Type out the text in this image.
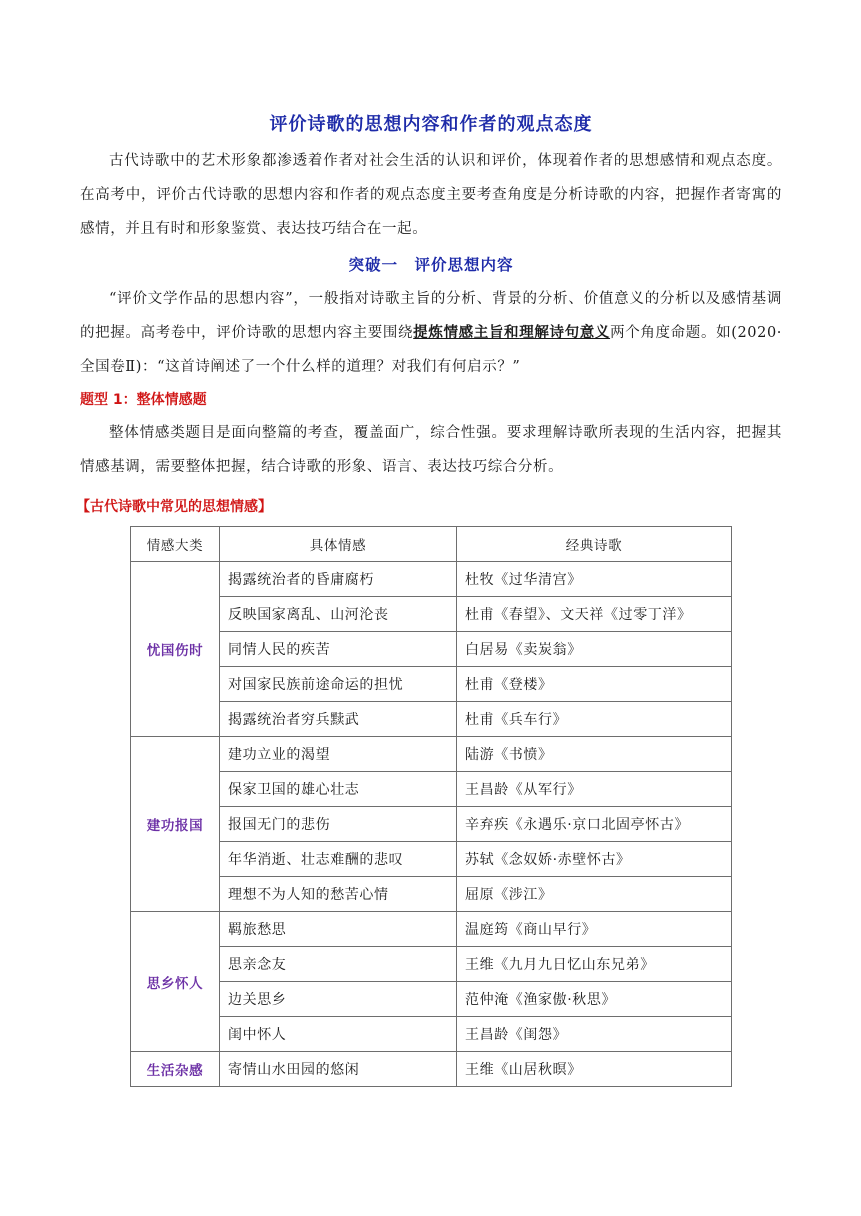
评价诗歌的思想内容和作者的观点态度

古代诗歌中的艺术形象都渗透着作者对社会生活的认识和评价，体现着作者的思想感情和观点态度。在高考中，评价古代诗歌的思想内容和作者的观点态度主要考查角度是分析诗歌的内容，把握作者寄寓的感情，并且有时和形象鉴赏、表达技巧结合在一起。

突破一　评价思想内容

“评价文学作品的思想内容”，一般指对诗歌主旨的分析、背景的分析、价值意义的分析以及感情基调的把握。高考卷中，评价诗歌的思想内容主要围绕提炼情感主旨和理解诗句意义两个角度命题。如(2020·全国卷Ⅱ)：“这首诗阐述了一个什么样的道理？对我们有何启示？”

题型 1：整体情感题

整体情感类题目是面向整篇的考查，覆盖面广，综合性强。要求理解诗歌所表现的生活内容，把握其情感基调，需要整体把握，结合诗歌的形象、语言、表达技巧综合分析。

【古代诗歌中常见的思想情感】
情感大类	具体情感	经典诗歌
忧国伤时	揭露统治者的昏庸腐朽	杜牧《过华清宫》
	反映国家离乱、山河沦丧	杜甫《春望》、文天祥《过零丁洋》
	同情人民的疾苦	白居易《卖炭翁》
	对国家民族前途命运的担忧	杜甫《登楼》
	揭露统治者穷兵黩武	杜甫《兵车行》
建功报国	建功立业的渴望	陆游《书愤》
	保家卫国的雄心壮志	王昌龄《从军行》
	报国无门的悲伤	辛弃疾《永遇乐·京口北固亭怀古》
	年华消逝、壮志难酬的悲叹	苏轼《念奴娇·赤壁怀古》
	理想不为人知的愁苦心情	屈原《涉江》
思乡怀人	羁旅愁思	温庭筠《商山早行》
	思亲念友	王维《九月九日忆山东兄弟》
	边关思乡	范仲淹《渔家傲·秋思》
	闺中怀人	王昌龄《闺怨》
生活杂感	寄情山水田园的悠闲	王维《山居秋暝》
